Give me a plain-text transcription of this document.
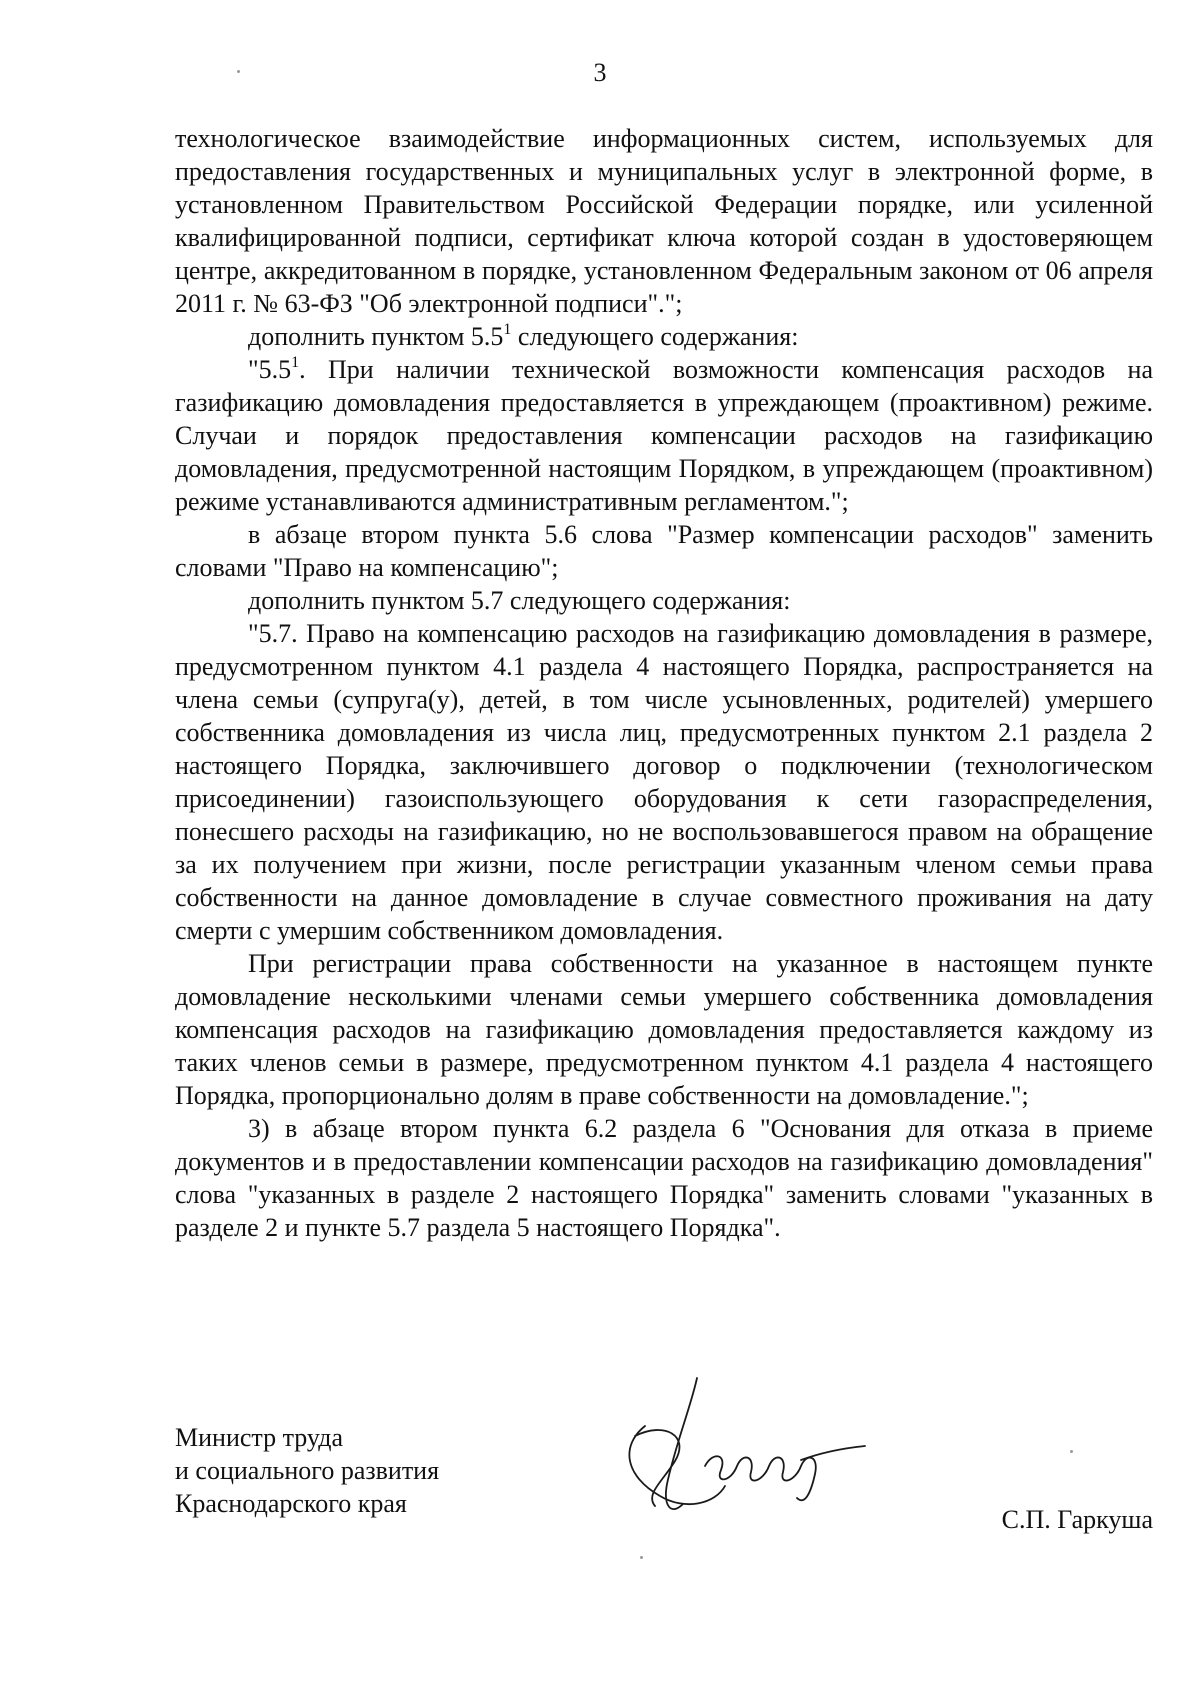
3

технологическое взаимодействие информационных систем, используемых для предоставления государственных и муниципальных услуг в электронной форме, в установленном Правительством Российской Федерации порядке, или усиленной квалифицированной подписи, сертификат ключа которой создан в удостоверяющем центре, аккредитованном в порядке, установленном Федеральным законом от 06 апреля 2011 г. № 63-ФЗ "Об электронной подписи".";

дополнить пунктом $5.5^1$ следующего содержания:

"$5.5^1$. При наличии технической возможности компенсация расходов на газификацию домовладения предоставляется в упреждающем (проактивном) режиме. Случаи и порядок предоставления компенсации расходов на газификацию домовладения, предусмотренной настоящим Порядком, в упреждающем (проактивном) режиме устанавливаются административным регламентом.";

в абзаце втором пункта 5.6 слова "Размер компенсации расходов" заменить словами "Право на компенсацию";

дополнить пунктом 5.7 следующего содержания:

"5.7. Право на компенсацию расходов на газификацию домовладения в размере, предусмотренном пунктом 4.1 раздела 4 настоящего Порядка, распространяется на члена семьи (супруга(у), детей, в том числе усыновленных, родителей) умершего собственника домовладения из числа лиц, предусмотренных пунктом 2.1 раздела 2 настоящего Порядка, заключившего договор о подключении (технологическом присоединении) газоиспользующего оборудования к сети газораспределения, понесшего расходы на газификацию, но не воспользовавшегося правом на обращение за их получением при жизни, после регистрации указанным членом семьи права собственности на данное домовладение в случае совместного проживания на дату смерти с умершим собственником домовладения.

При регистрации права собственности на указанное в настоящем пункте домовладение несколькими членами семьи умершего собственника домовладения компенсация расходов на газификацию домовладения предоставляется каждому из таких членов семьи в размере, предусмотренном пунктом 4.1 раздела 4 настоящего Порядка, пропорционально долям в праве собственности на домовладение.";

3) в абзаце втором пункта 6.2 раздела 6 "Основания для отказа в приеме документов и в предоставлении компенсации расходов на газификацию домовладения" слова "указанных в разделе 2 настоящего Порядка" заменить словами "указанных в разделе 2 и пункте 5.7 раздела 5 настоящего Порядка".

Министр труда
и социального развития
Краснодарского края
С.П. Гаркуша
